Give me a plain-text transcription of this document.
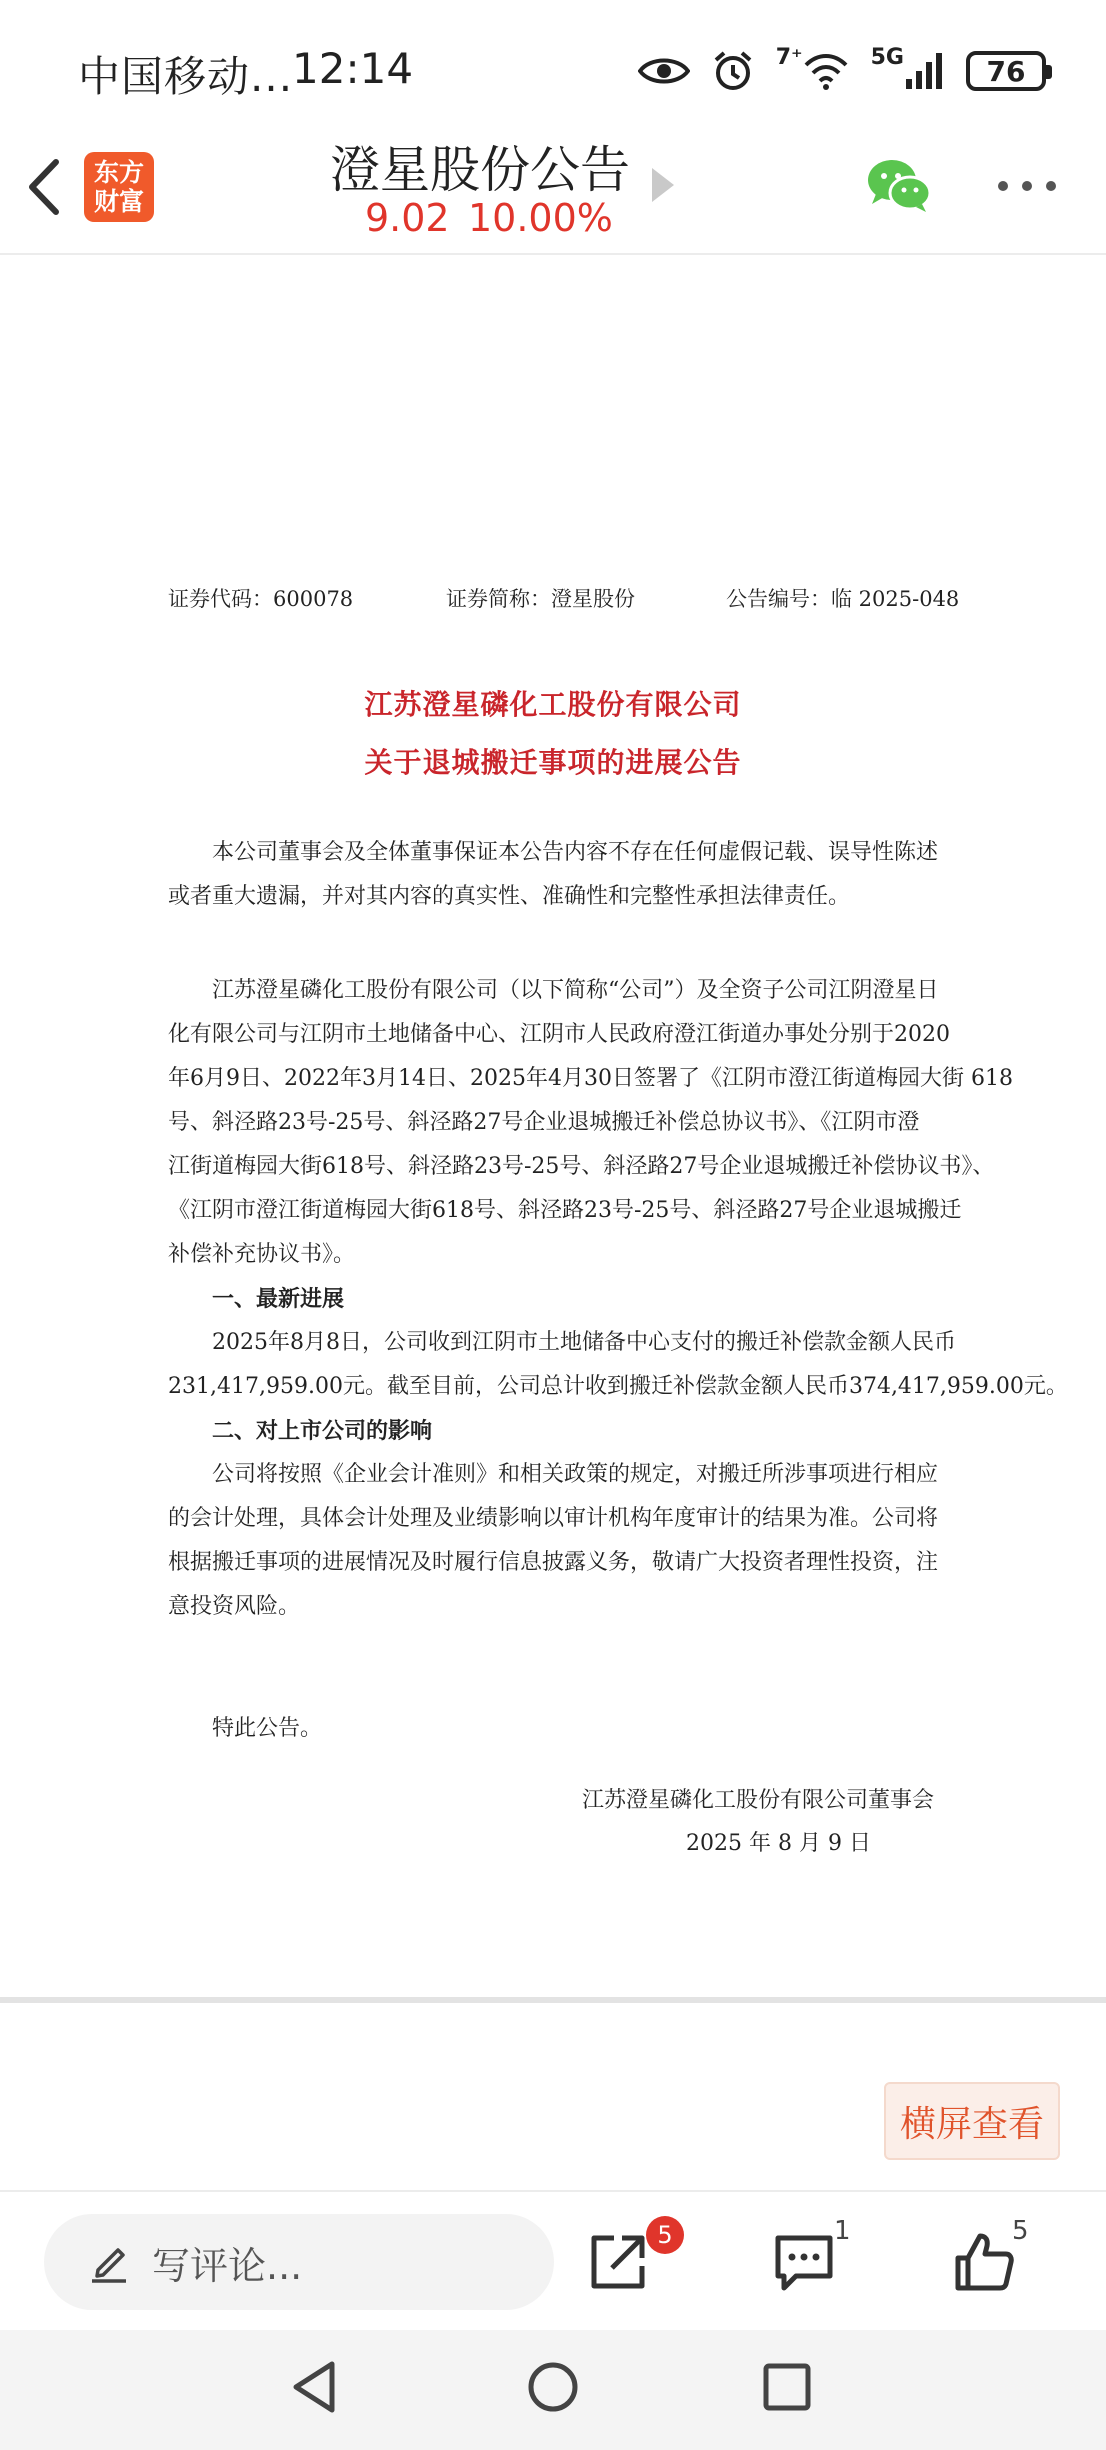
中国移动...
12:14	7⁺	5G	76
东方
财富
澄星股份公告
9.02 10.00%
证券代码：600078	证券简称：澄星股份	公告编号：临 2025-048
江苏澄星磷化工股份有限公司
关于退城搬迁事项的进展公告
本公司董事会及全体董事保证本公告内容不存在任何虚假记载、误导性陈述
或者重大遗漏，并对其内容的真实性、准确性和完整性承担法律责任。
江苏澄星磷化工股份有限公司（以下简称“公司”）及全资子公司江阴澄星日
化有限公司与江阴市土地储备中心、江阴市人民政府澄江街道办事处分别于2020
年6月9日、2022年3月14日、2025年4月30日签署了《江阴市澄江街道梅园大街 618
号、斜泾路23号-25号、斜泾路27号企业退城搬迁补偿总协议书》、《江阴市澄
江街道梅园大街618号、斜泾路23号-25号、斜泾路27号企业退城搬迁补偿协议书》、
《江阴市澄江街道梅园大街618号、斜泾路23号-25号、斜泾路27号企业退城搬迁
补偿补充协议书》。
一、最新进展
2025年8月8日，公司收到江阴市土地储备中心支付的搬迁补偿款金额人民币
231,417,959.00元。截至目前，公司总计收到搬迁补偿款金额人民币374,417,959.00元。
二、对上市公司的影响
公司将按照《企业会计准则》和相关政策的规定，对搬迁所涉事项进行相应
的会计处理，具体会计处理及业绩影响以审计机构年度审计的结果为准。公司将
根据搬迁事项的进展情况及时履行信息披露义务，敬请广大投资者理性投资，注
意投资风险。
特此公告。
江苏澄星磷化工股份有限公司董事会
2025 年 8 月 9 日
横屏查看
写评论...
5	1	5
